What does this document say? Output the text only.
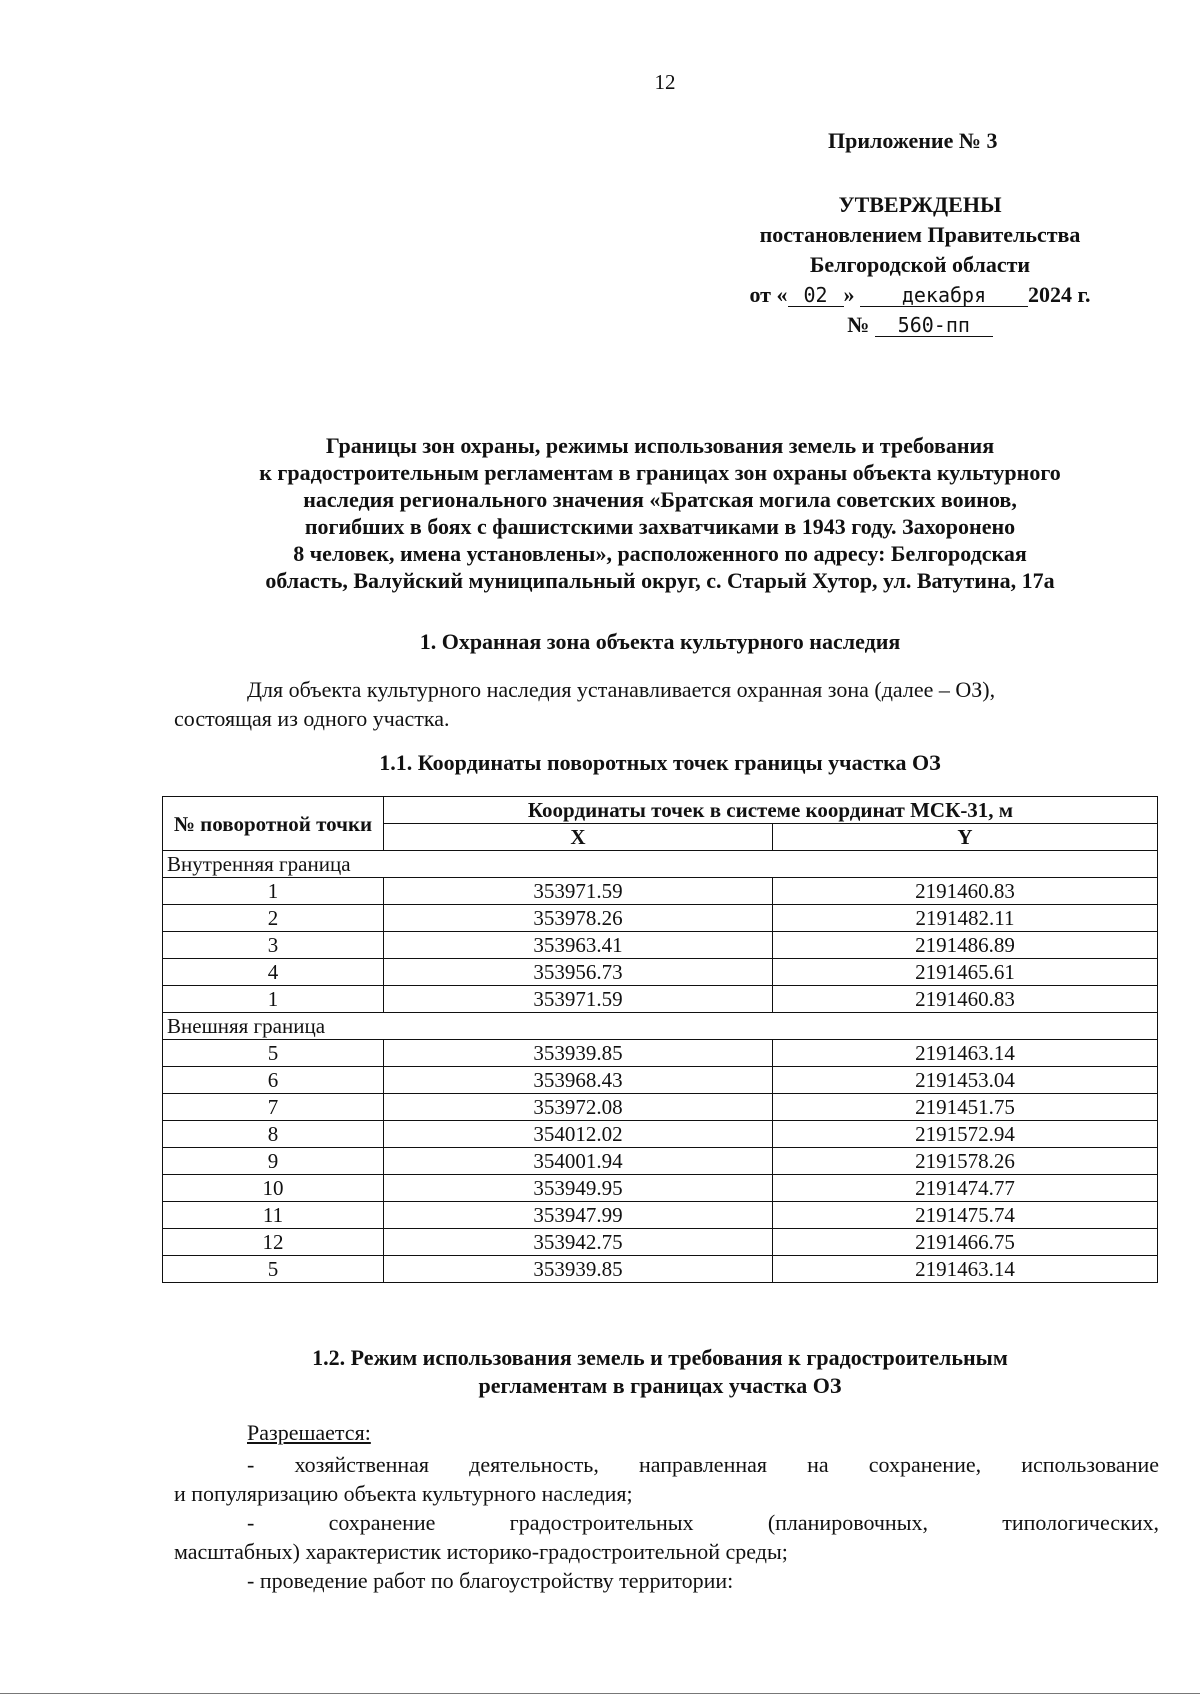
12
Приложение № 3
УТВЕРЖДЕНЫ
постановлением Правительства
Белгородской области
от « 02 » декабря 2024 г.
№ 560-пп
Границы зон охраны, режимы использования земель и требования
к градостроительным регламентам в границах зон охраны объекта культурного
наследия регионального значения «Братская могила советских воинов,
погибших в боях с фашистскими захватчиками в 1943 году. Захоронено
8 человек, имена установлены», расположенного по адресу: Белгородская
область, Валуйский муниципальный округ, с. Старый Хутор, ул. Ватутина, 17а
1. Охранная зона объекта культурного наследия
Для объекта культурного наследия устанавливается охранная зона (далее – ОЗ),
состоящая из одного участка.
1.1. Координаты поворотных точек границы участка ОЗ
№ поворотной точки	Координаты точек в системе координат МСК-31, м	
	X	Y
Внутренняя граница		
1	353971.59	2191460.83
2	353978.26	2191482.11
3	353963.41	2191486.89
4	353956.73	2191465.61
1	353971.59	2191460.83
Внешняя граница		
5	353939.85	2191463.14
6	353968.43	2191453.04
7	353972.08	2191451.75
8	354012.02	2191572.94
9	354001.94	2191578.26
10	353949.95	2191474.77
11	353947.99	2191475.74
12	353942.75	2191466.75
5	353939.85	2191463.14
1.2. Режим использования земель и требования к градостроительным
регламентам в границах участка ОЗ
Разрешается:
- хозяйственная деятельность, направленная на сохранение, использование
и популяризацию объекта культурного наследия;
- сохранение градостроительных (планировочных, типологических,
масштабных) характеристик историко-градостроительной среды;
- проведение работ по благоустройству территории:
